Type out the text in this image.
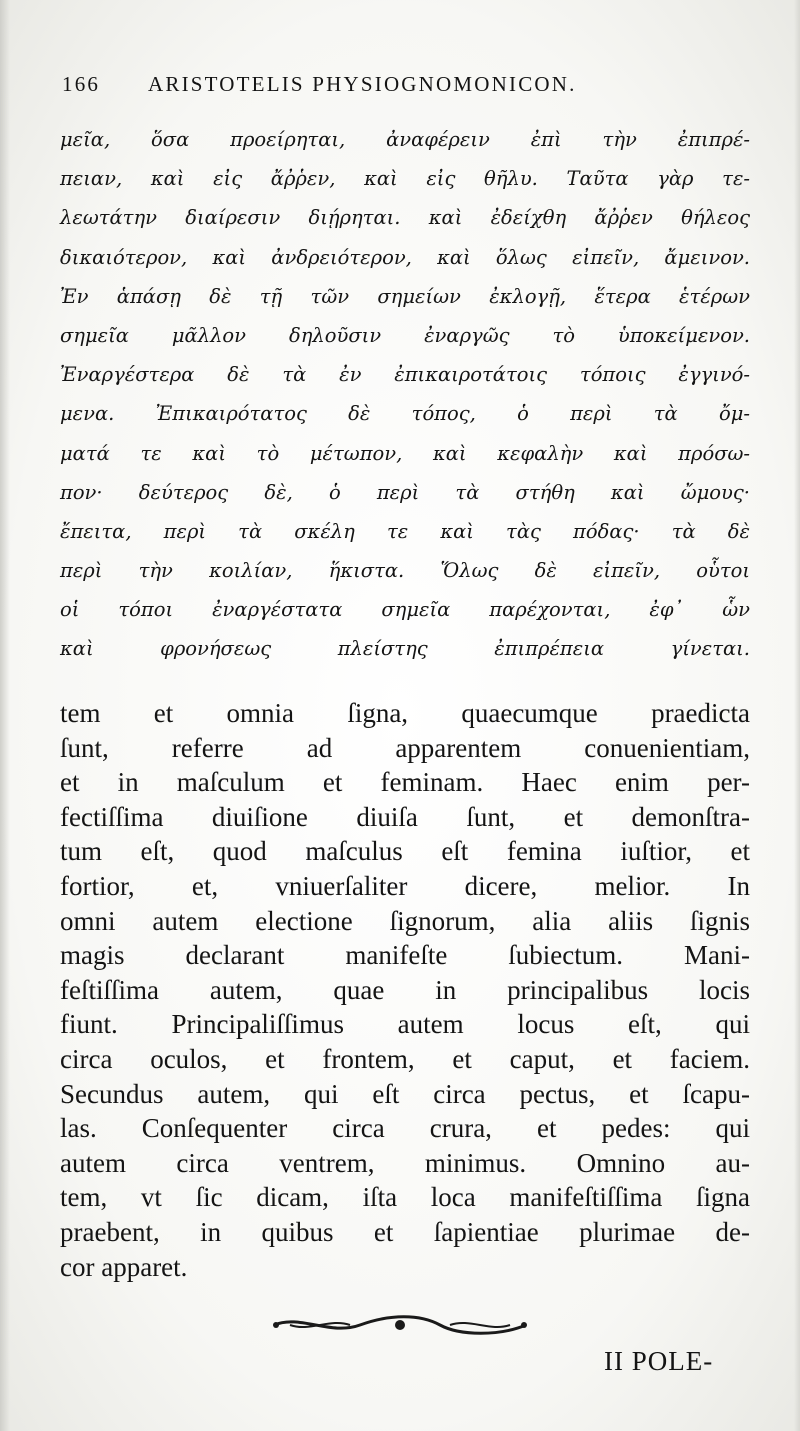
166 ARISTOTELIS PHYSIOGNOMONICON.
μεῖα, ὅσα προείρηται, ἀναφέρειν ἐπὶ τὴν ἐπιπρέ-
πειαν, καὶ εἰς ἄῤῥεν, καὶ εἰς θῆλυ. Ταῦτα γὰρ τε-
λεωτάτην διαίρεσιν διῄρηται. καὶ ἐδείχθη ἄῤῥεν θήλεος
δικαιότερον, καὶ ἀνδρειότερον, καὶ ὅλως εἰπεῖν, ἄμεινον.
Ἐν ἁπάσῃ δὲ τῇ τῶν σημείων ἐκλογῇ, ἕτερα ἑτέρων
σημεῖα μᾶλλον δηλοῦσιν ἐναργῶς τὸ ὑποκείμενον.
Ἐναργέστερα δὲ τὰ ἐν ἐπικαιροτάτοις τόποις ἐγγινό-
μενα. Ἐπικαιρότατος δὲ τόπος, ὁ περὶ τὰ ὄμ-
ματά τε καὶ τὸ μέτωπον, καὶ κεφαλὴν καὶ πρόσω-
πον· δεύτερος δὲ, ὁ περὶ τὰ στήθη καὶ ὤμους·
ἔπειτα, περὶ τὰ σκέλη τε καὶ τὰς πόδας· τὰ δὲ
περὶ τὴν κοιλίαν, ἥκιστα. Ὅλως δὲ εἰπεῖν, οὗτοι
οἱ τόποι ἐναργέστατα σημεῖα παρέχονται, ἐφ᾽ ὧν
καὶ φρονήσεως πλείστης ἐπιπρέπεια γίνεται.
tem et omnia ſigna, quaecumque praedicta
ſunt, referre ad apparentem conuenientiam,
et in maſculum et feminam. Haec enim per-
fectiſſima diuiſione diuiſa ſunt, et demonſtra-
tum eſt, quod maſculus eſt femina iuſtior, et
fortior, et, vniuerſaliter dicere, melior. In
omni autem electione ſignorum, alia aliis ſignis
magis declarant manifeſte ſubiectum. Mani-
feſtiſſima autem, quae in principalibus locis
fiunt. Principaliſſimus autem locus eſt, qui
circa oculos, et frontem, et caput, et faciem.
Secundus autem, qui eſt circa pectus, et ſcapu-
las. Conſequenter circa crura, et pedes: qui
autem circa ventrem, minimus. Omnino au-
tem, vt ſic dicam, iſta loca manifeſtiſſima ſigna
praebent, in quibus et ſapientiae plurimae de-
cor apparet.
II POLE-
